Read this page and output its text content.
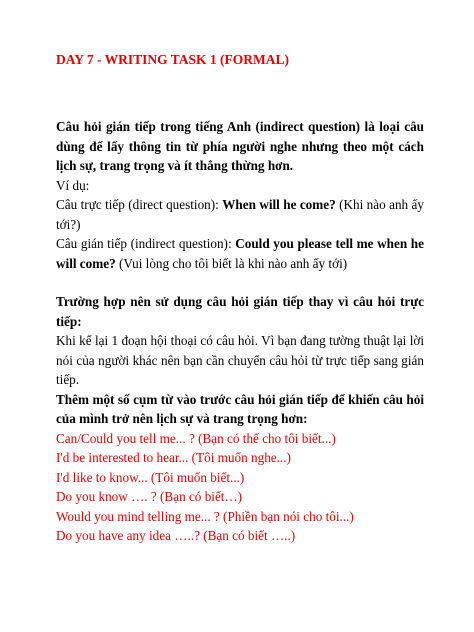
DAY 7 - WRITING TASK 1 (FORMAL)

Câu hỏi gián tiếp trong tiếng Anh (indirect question) là loại câu dùng để lấy thông tin từ phía người nghe nhưng theo một cách lịch sự, trang trọng và ít thẳng thừng hơn.

Ví dụ:

Câu trực tiếp (direct question): When will he come? (Khi nào anh ấy tới?)

Câu gián tiếp (indirect question): Could you please tell me when he will come? (Vui lòng cho tôi biết là khi nào anh ấy tới)

Trường hợp nên sử dụng câu hỏi gián tiếp thay vì câu hỏi trực tiếp:

Khi kể lại 1 đoạn hội thoại có câu hỏi. Vì bạn đang tường thuật lại lời nói của người khác nên bạn cần chuyển câu hỏi từ trực tiếp sang gián tiếp.

Thêm một số cụm từ vào trước câu hỏi gián tiếp để khiến câu hỏi của mình trở nên lịch sự và trang trọng hơn:

Can/Could you tell me... ? (Bạn có thể cho tôi biết...)

I'd be interested to hear... (Tôi muốn nghe...)

I'd like to know... (Tôi muốn biết...)

Do you know …. ? (Bạn có biết…)

Would you mind telling me... ? (Phiền bạn nói cho tôi...)

Do you have any idea …..? (Bạn có biết …..)
